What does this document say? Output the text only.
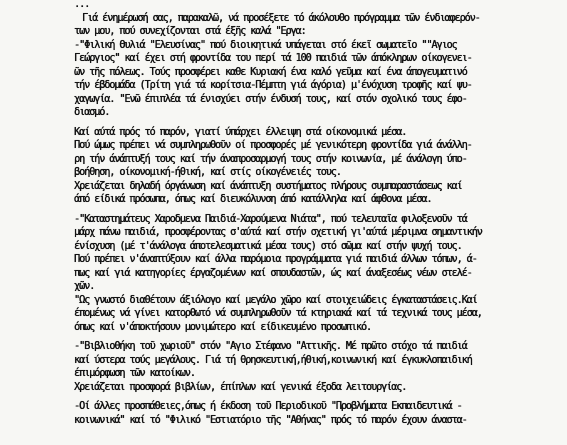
...
Γιά ένημέρωσή σας, παρακαλῶ, νά προσέξετε τό άκόλουθο πρόγραμμα τῶν ένδιαφερόν-
των μου, πού συνεχίζονται στά έξῆς καλά "Εργα:
-"Φιλική Θυλιά "Ελευσίνας" πού διοικητικά υπάγεται στό έκεῖ σωματεῖο ""Αγιος
Γεώργιος" καί έχει στή φροντίδα του περί τά 100 παιδιά τῶν άπόκληρων οίκογενει-
ῶν τῆς πόλεως. Τούς προσφέρει καθε Κυριακή ένα καλό γεῦμα καί ένα άπογευματινό
τήν έβδομάδα (Τρίτη γιά τά κορίτσια-Πέμπτη γιά άγόρια) μ'ένόχυση τροφῆς καί ψυ-
χαγωγία. "Ενῶ έπιπλέα τά ένισχύει στήν ένδυσή τους, καί στόν σχολικό τους έφο-
διασμό.
Καί αύτά πρός τό παρόν, γιατί ύπάρχει έλλειψη στά οίκονομικά μέσα.
Πού ώμως πρέπει νά συμπληρωθοῦν οί προσφορές μέ γενικότερη φροντίδα γιά άνάλλη-
ρη τήν άνάπτυξή τους καί τήν άναπροσαρμογή τους στήν κοινωνία, μέ άνάλογη ύπο-
βοήθηση, οίκονομική-ήθική, καί στίς οίκογένειές τους.
Χρειάζεται δηλαδή όργάνωση καί άνάπτυξη συστήματος πλήρους συμπαραστάσεως καί
άπό είδικά πρόσωπα, όπως καί διευκόλυνση άπό κατάλληλα καί άφθονα μέσα.
-"Καταστημάτευς Χαροδμενα Παιδιά-Χαρούμενα Νιάτα", πού τελευταῖα φιλοξενοῦν τά
μάρχ πάνω παιδιά, προσφέροντας σ'αύτά καί στήν σχετική γι'αύτά μέριμνα σημαντικήν
ένίσχυση (μέ τ'άνάλογα άποτελεσματικά μέσα τους) στό σῶμα καί στήν ψυχή τους.
Πού πρέπει ν'άναπτύξουν καί άλλα παρόμοια προγράμματα γιά παιδιά άλλων τόπων, ά-
πως καί γιά κατηγορίες έργαζομένων καί σπουδαστῶν, ώς καί άναξεσέως νέων στελέ-
χῶν.
"Ως γνωστό διαθέτουν άξιόλογο καί μεγάλο χῶρο καί στοιχειώδεις έγκαταστάσεις.Καί
έπομένως νά γίνει κατορθωτό νά συμπληρωθοῦν τά κτηριακά καί τά τεχνικά τους μέσα,
όπως καί ν'άποκτήσουν μονιμώτερο καί είδικευμένο προσωπικό.
-"Βιβλιοθήκη τοῦ χωριοῦ" στόν "Αγιο Στέφανο "Αττικῆς. Μέ πρῶτο στόχο τά παιδιά
καί ύστερα τούς μεγάλους. Γιά τή θρησκευτική,ήθική,κοινωνική καί έγκυκλοπαιδική
έπιμόρφωση τῶν κατοίκων.
Χρειάζεται προσφορά βιβλίων, έπίπλων καί γενικά έξοδα λειτουργίας.
-Οί άλλες προσπάθειες,όπως ή έκδοση τοῦ Περιοδικοῦ "Προβλήματα Εκπαιδευτικά -
κοινωνικά" καί τό "Φιλικό "Εστιατόριο τῆς "Αθήνας" πρός τό παρόν έχουν άναστα-
